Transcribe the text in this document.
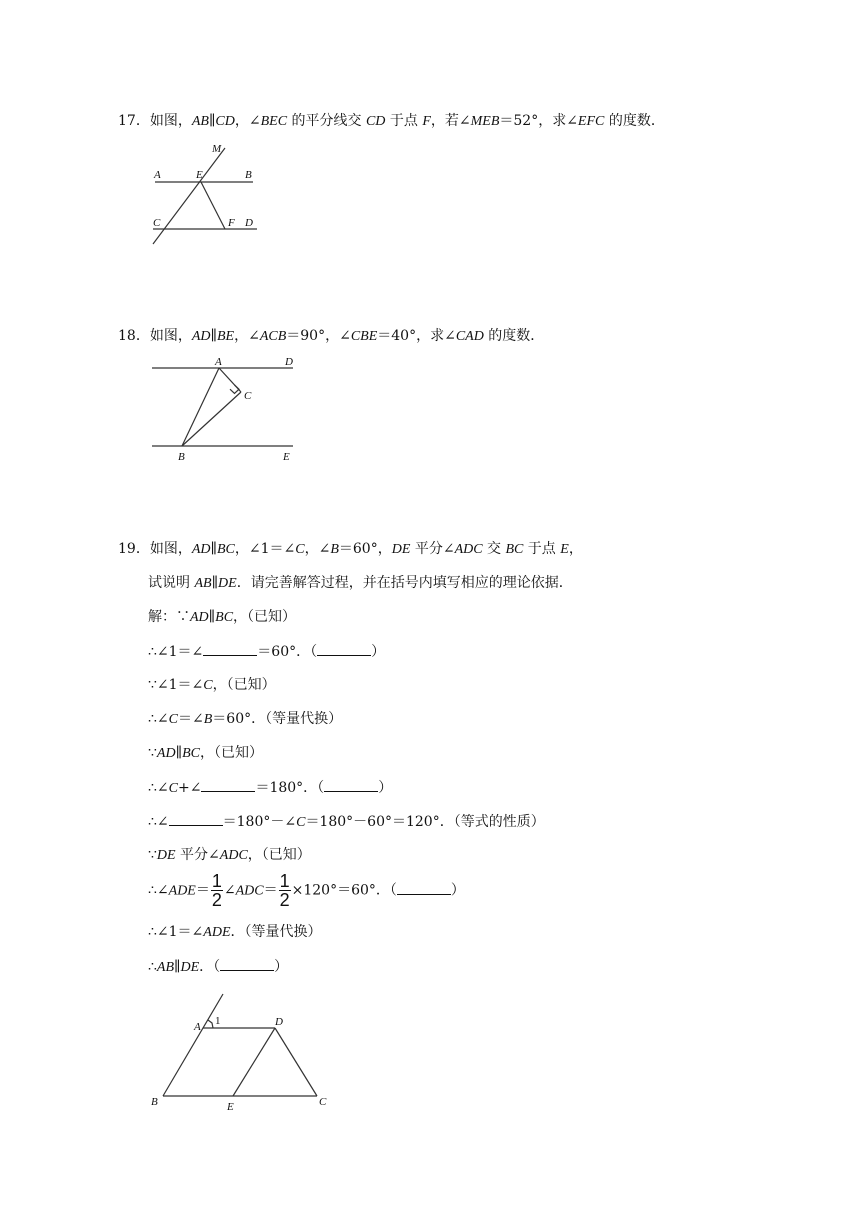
17．如图，AB∥CD，∠BEC 的平分线交 CD 于点 F，若∠MEB＝52°，求∠EFC 的度数．
M
A	E	B
C	F D
18．如图，AD∥BE，∠ACB＝90°，∠CBE＝40°，求∠CAD 的度数．
A	D
C
B	E
19．如图，AD∥BC，∠1＝∠C，∠B＝60°，DE 平分∠ADC 交 BC 于点 E，
试说明 AB∥DE．请完善解答过程，并在括号内填写相应的理论依据．
解：∵AD∥BC，（已知）
∴∠1＝∠	＝60°．（	）
∵∠1＝∠C，（已知）
∴∠C＝∠B＝60°．（等量代换）
∵AD∥BC，（已知）
∴∠C+∠	＝180°．（	）
∴∠	＝180°－∠C＝180°－60°＝120°．（等式的性质）
∵DE 平分∠ADC，（已知）
∴∠ADE＝ $\frac{1}{2}$ ∠ADC＝ $\frac{1}{2} \times 120^\circ=60^\circ$．（	）
∴∠1＝∠ADE．（等量代换）
∴AB∥DE．（	）
A 1	D
B	E	C
